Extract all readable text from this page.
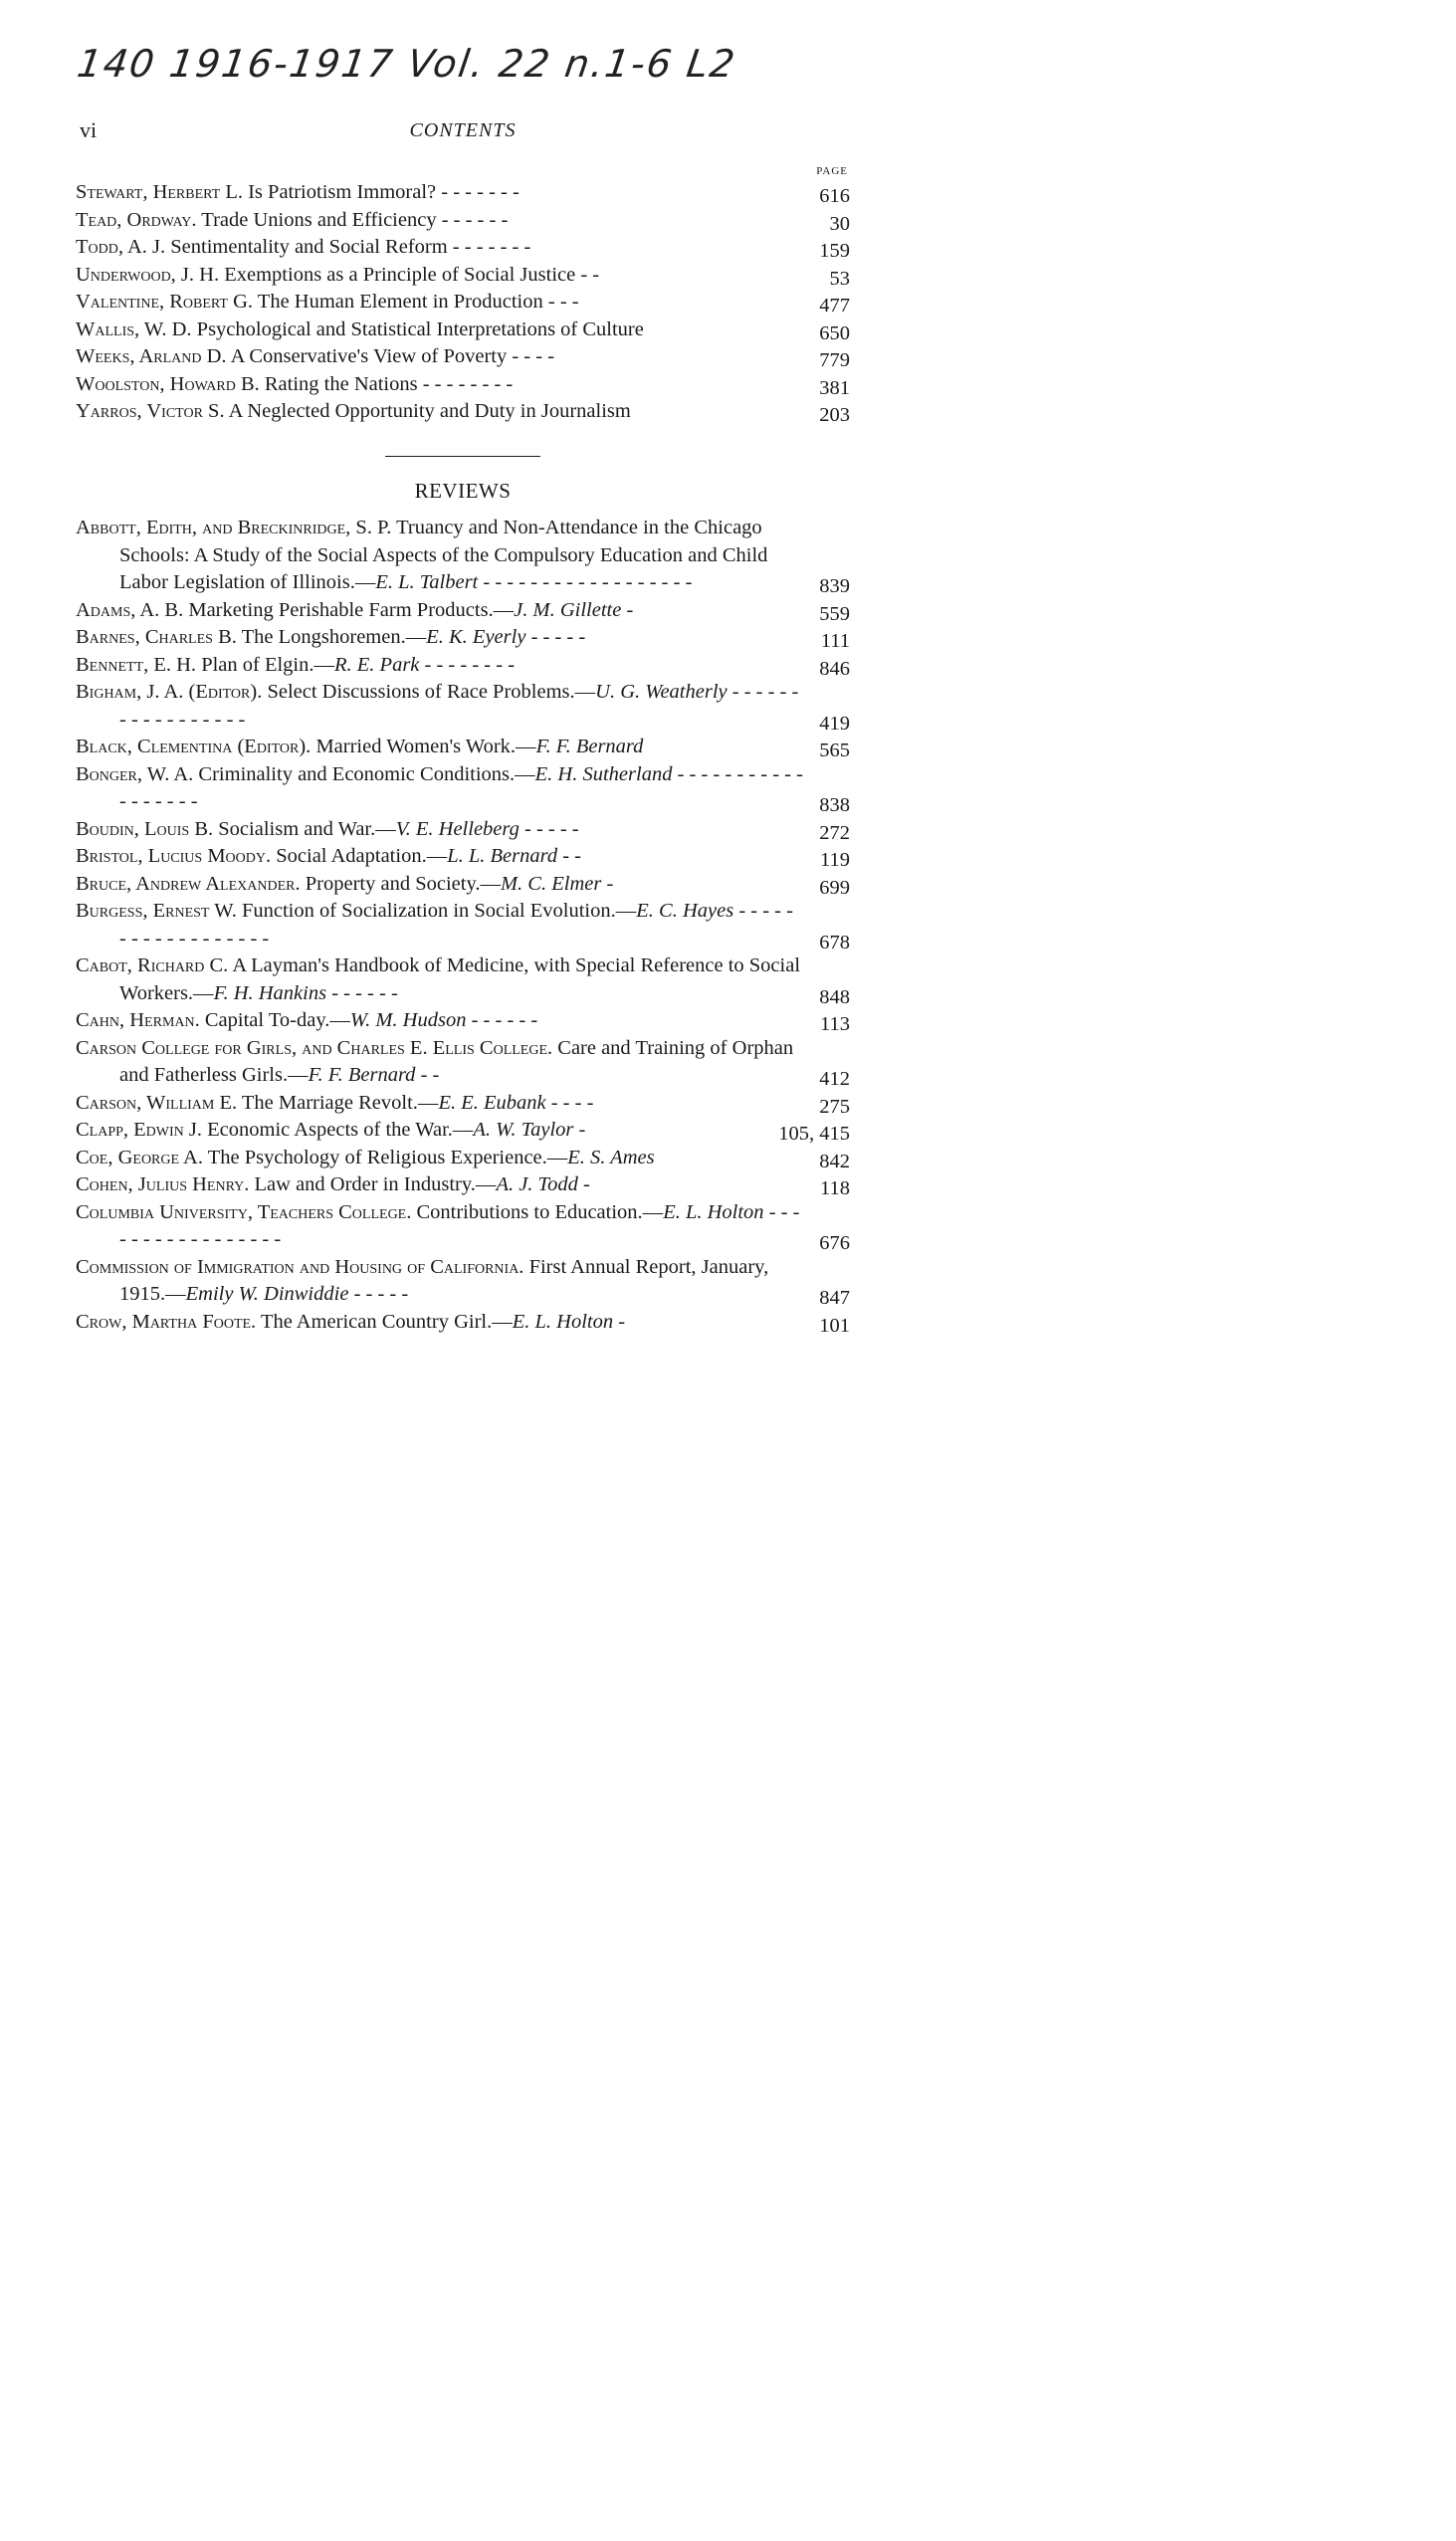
140 1916-1917 Vol. 22 n.1-6 L2
vi	CONTENTS
PAGE
Stewart, Herbert L. Is Patriotism Immoral? - - - - - - -	616
Tead, Ordway. Trade Unions and Efficiency - - - - - -	30
Todd, A. J. Sentimentality and Social Reform - - - - - - -	159
Underwood, J. H. Exemptions as a Principle of Social Justice - -	53
Valentine, Robert G. The Human Element in Production - - -	477
Wallis, W. D. Psychological and Statistical Interpretations of Culture	650
Weeks, Arland D. A Conservative's View of Poverty - - - -	779
Woolston, Howard B. Rating the Nations - - - - - - - -	381
Yarros, Victor S. A Neglected Opportunity and Duty in Journalism	203
REVIEWS
Abbott, Edith, and Breckinridge, S. P. Truancy and Non-Attendance in the Chicago Schools: A Study of the Social Aspects of the Compulsory Education and Child Labor Legislation of Illinois.—E. L. Talbert - - - - - - - - - - - - - - - - - -	839
Adams, A. B. Marketing Perishable Farm Products.—J. M. Gillette -	559
Barnes, Charles B. The Longshoremen.—E. K. Eyerly - - - - -	111
Bennett, E. H. Plan of Elgin.—R. E. Park - - - - - - - -	846
Bigham, J. A. (Editor). Select Discussions of Race Problems.—U. G. Weatherly - - - - - - - - - - - - - - - - -	419
Black, Clementina (Editor). Married Women's Work.—F. F. Bernard	565
Bonger, W. A. Criminality and Economic Conditions.—E. H. Sutherland - - - - - - - - - - - - - - - - - -	838
Boudin, Louis B. Socialism and War.—V. E. Helleberg - - - - -	272
Bristol, Lucius Moody. Social Adaptation.—L. L. Bernard - -	119
Bruce, Andrew Alexander. Property and Society.—M. C. Elmer -	699
Burgess, Ernest W. Function of Socialization in Social Evolution.—E. C. Hayes - - - - - - - - - - - - - - - - - -	678
Cabot, Richard C. A Layman's Handbook of Medicine, with Special Reference to Social Workers.—F. H. Hankins - - - - - -	848
Cahn, Herman. Capital To-day.—W. M. Hudson - - - - - -	113
Carson College for Girls, and Charles E. Ellis College. Care and Training of Orphan and Fatherless Girls.—F. F. Bernard - -	412
Carson, William E. The Marriage Revolt.—E. E. Eubank - - - -	275
Clapp, Edwin J. Economic Aspects of the War.—A. W. Taylor -	105, 415
Coe, George A. The Psychology of Religious Experience.—E. S. Ames	842
Cohen, Julius Henry. Law and Order in Industry.—A. J. Todd -	118
Columbia University, Teachers College. Contributions to Education.—E. L. Holton - - - - - - - - - - - - - - - - -	676
Commission of Immigration and Housing of California. First Annual Report, January, 1915.—Emily W. Dinwiddie - - - - -	847
Crow, Martha Foote. The American Country Girl.—E. L. Holton -	101
